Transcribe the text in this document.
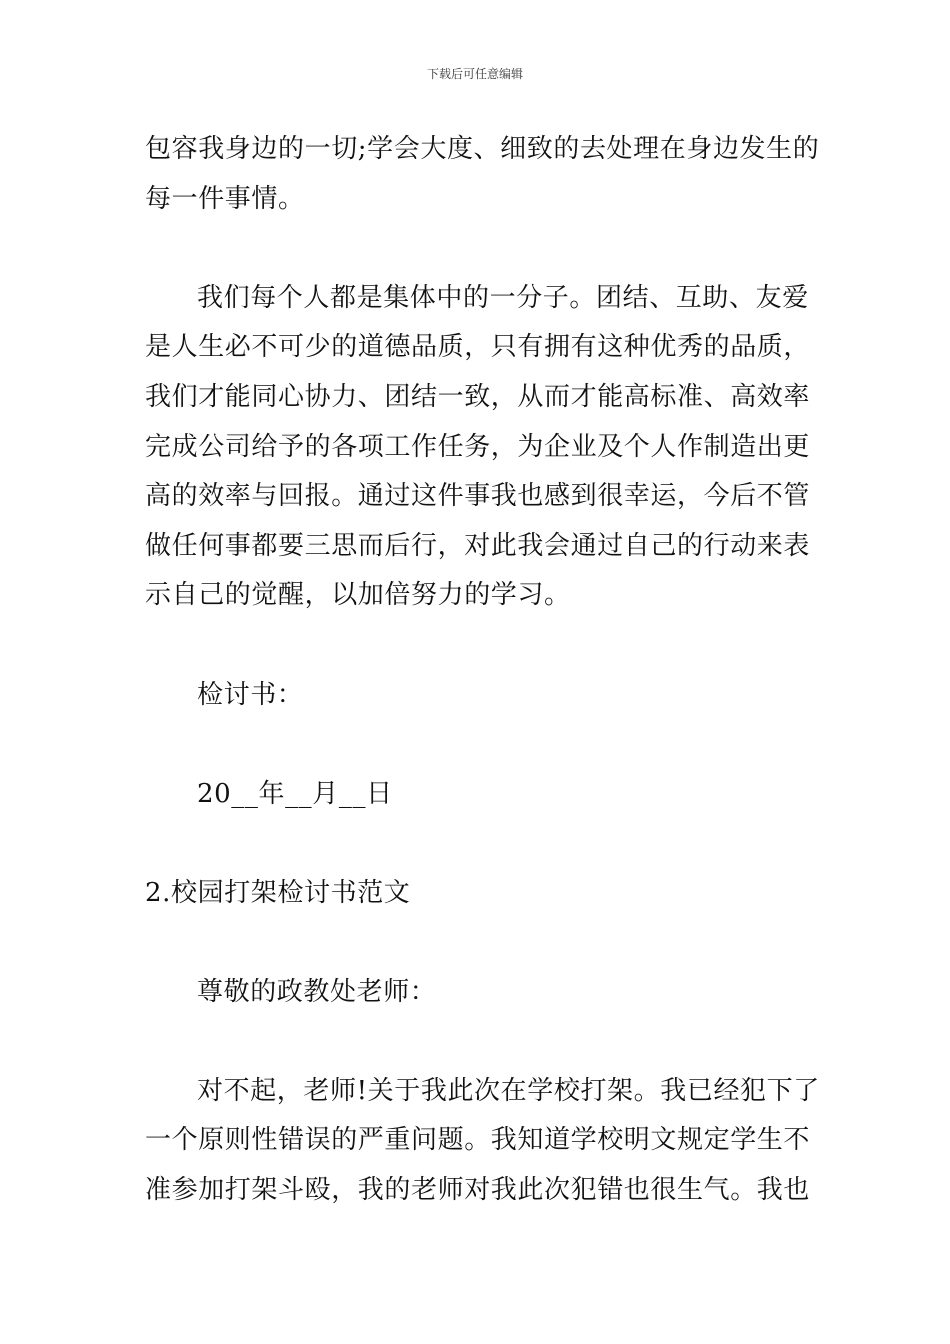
下载后可任意编辑
包容我身边的一切;学会大度、细致的去处理在身边发生的
每一件事情。
我们每个人都是集体中的一分子。团结、互助、友爱
是人生必不可少的道德品质，只有拥有这种优秀的品质，
我们才能同心协力、团结一致，从而才能高标准、高效率
完成公司给予的各项工作任务，为企业及个人作制造出更
高的效率与回报。通过这件事我也感到很幸运，今后不管
做任何事都要三思而后行，对此我会通过自己的行动来表
示自己的觉醒，以加倍努力的学习。
检讨书：
20__年__月__日
2.校园打架检讨书范文
尊敬的政教处老师：
对不起，老师!关于我此次在学校打架。我已经犯下了
一个原则性错误的严重问题。我知道学校明文规定学生不
准参加打架斗殴，我的老师对我此次犯错也很生气。我也
